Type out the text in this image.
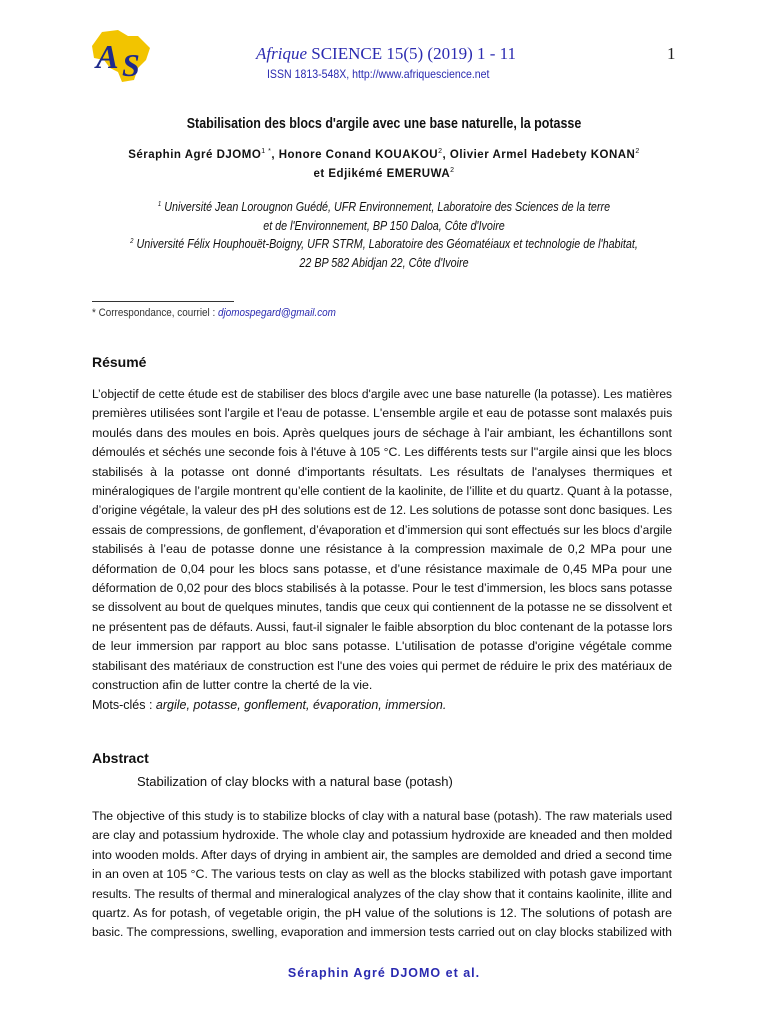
A S	Afrique SCIENCE 15(5) (2019) 1 - 11
ISSN 1813-548X, http://www.afriquescience.net
1
Stabilisation des blocs d'argile avec une base naturelle, la potasse
Séraphin Agré $DJOMO^{1 *}$, Honore Conand KOUAKOU$^2$, Olivier Armel Hadebety KONAN$^2$
et Edjikémé EMERUWA$^2$
$^1$ Université Jean Lorougnon Guédé, UFR Environnement, Laboratoire des Sciences de la terre
et de l'Environnement, BP 150 Daloa, Côte d'Ivoire
$^2$ Université Félix Houphouët-Boigny, UFR STRM, Laboratoire des Géomatéiaux et technologie de l'habitat,
22 BP 582 Abidjan 22, Côte d'Ivoire
* Correspondance, courriel : djomospegard@gmail.com
Résumé
L’objectif de cette étude est de stabiliser des blocs d'argile avec une base naturelle (la potasse). Les matières
premières utilisées sont l'argile et l'eau de potasse. L'ensemble argile et eau de potasse sont malaxés puis
moulés dans des moules en bois. Après quelques jours de séchage à l'air ambiant, les échantillons sont
démoulés et séchés une seconde fois à l'étuve à 105 °C. Les différents tests sur l''argile ainsi que les blocs
stabilisés à la potasse ont donné d'importants résultats. Les résultats de l'analyses thermiques et
minéralogiques de l’argile montrent qu’elle contient de la kaolinite, de l’illite et du quartz. Quant à la potasse,
d’origine végétale, la valeur des pH des solutions est de 12. Les solutions de potasse sont donc basiques. Les
essais de compressions, de gonflement, d’évaporation et d’immersion qui sont effectués sur les blocs d’argile
stabilisés à l’eau de potasse donne une résistance à la compression maximale de 0,2 MPa pour une
déformation de 0,04 pour les blocs sans potasse, et d’une résistance maximale de 0,45 MPa pour une
déformation de 0,02 pour des blocs stabilisés à la potasse. Pour le test d’immersion, les blocs sans potasse
se dissolvent au bout de quelques minutes, tandis que ceux qui contiennent de la potasse ne se dissolvent et
ne présentent pas de défauts. Aussi, faut-il signaler le faible absorption du bloc contenant de la potasse lors
de leur immersion par rapport au bloc sans potasse. L'utilisation de potasse d'origine végétale comme
stabilisant des matériaux de construction est l'une des voies qui permet de réduire le prix des matériaux de
construction afin de lutter contre la cherté de la vie.
Mots-clés : argile, potasse, gonflement, évaporation, immersion.
Abstract
Stabilization of clay blocks with a natural base (potash)
The objective of this study is to stabilize blocks of clay with a natural base (potash). The raw materials used
are clay and potassium hydroxide. The whole clay and potassium hydroxide are kneaded and then molded
into wooden molds. After days of drying in ambient air, the samples are demolded and dried a second time
in an oven at 105 °C. The various tests on clay as well as the blocks stabilized with potash gave important
results. The results of thermal and mineralogical analyzes of the clay show that it contains kaolinite, illite and
quartz. As for potash, of vegetable origin, the pH value of the solutions is 12. The solutions of potash are
basic. The compressions, swelling, evaporation and immersion tests carried out on clay blocks stabilized with
Séraphin Agré DJOMO et al.
